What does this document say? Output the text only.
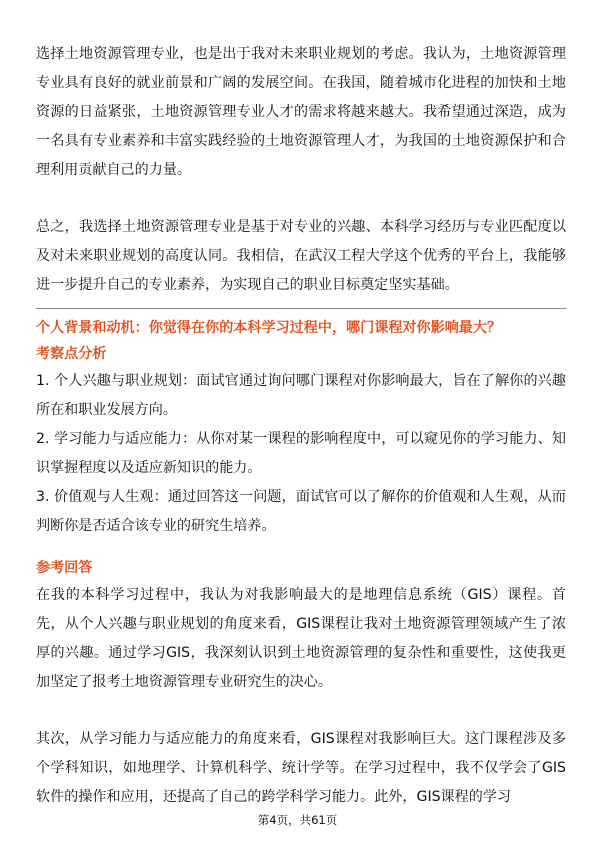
选择土地资源管理专业，也是出于我对未来职业规划的考虑。我认为，土地资源管理专业具有良好的就业前景和广阔的发展空间。在我国，随着城市化进程的加快和土地资源的日益紧张，土地资源管理专业人才的需求将越来越大。我希望通过深造，成为一名具有专业素养和丰富实践经验的土地资源管理人才，为我国的土地资源保护和合理利用贡献自己的力量。

总之，我选择土地资源管理专业是基于对专业的兴趣、本科学习经历与专业匹配度以及对未来职业规划的高度认同。我相信，在武汉工程大学这个优秀的平台上，我能够进一步提升自己的专业素养，为实现自己的职业目标奠定坚实基础。

个人背景和动机：你觉得在你的本科学习过程中，哪门课程对你影响最大？

考察点分析

1. 个人兴趣与职业规划：面试官通过询问哪门课程对你影响最大，旨在了解你的兴趣所在和职业发展方向。

2. 学习能力与适应能力：从你对某一课程的影响程度中，可以窥见你的学习能力、知识掌握程度以及适应新知识的能力。

3. 价值观与人生观：通过回答这一问题，面试官可以了解你的价值观和人生观，从而判断你是否适合该专业的研究生培养。

参考回答

在我的本科学习过程中，我认为对我影响最大的是地理信息系统（GIS）课程。首先，从个人兴趣与职业规划的角度来看，GIS课程让我对土地资源管理领域产生了浓厚的兴趣。通过学习GIS，我深刻认识到土地资源管理的复杂性和重要性，这使我更加坚定了报考土地资源管理专业研究生的决心。

其次，从学习能力与适应能力的角度来看，GIS课程对我影响巨大。这门课程涉及多个学科知识，如地理学、计算机科学、统计学等。在学习过程中，我不仅学会了GIS软件的操作和应用，还提高了自己的跨学科学习能力。此外，GIS课程的学习

第4页，共61页
